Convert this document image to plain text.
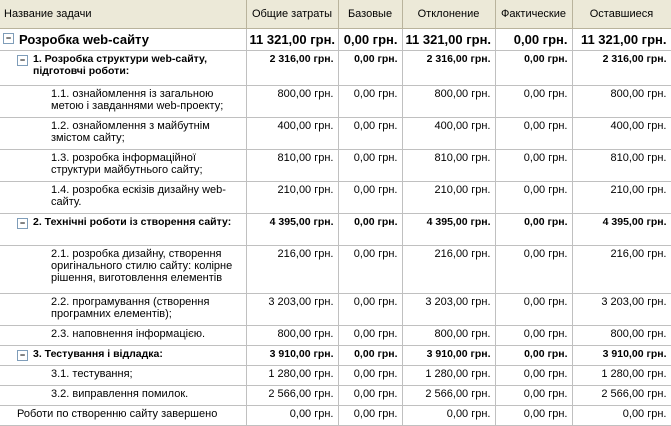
Название задачи	Общие затраты	Базовые	Отклонение	Фактические	Оставшиеся

− Розробка web-сайту	11 321,00 грн.	0,00 грн.	11 321,00 грн.	0,00 грн.	11 321,00 грн.

− 1. Розробка структури web-сайту, підготовчі роботи:	2 316,00 грн.	0,00 грн.	2 316,00 грн.	0,00 грн.	2 316,00 грн.

1.1. ознайомлення із загальною метою і завданнями web-проекту;	800,00 грн.	0,00 грн.	800,00 грн.	0,00 грн.	800,00 грн.

1.2. ознайомлення з майбутнім змістом сайту;	400,00 грн.	0,00 грн.	400,00 грн.	0,00 грн.	400,00 грн.

1.3. розробка інформаційної структури майбутнього сайту;	810,00 грн.	0,00 грн.	810,00 грн.	0,00 грн.	810,00 грн.

1.4. розробка ескізів дизайну web-сайту.	210,00 грн.	0,00 грн.	210,00 грн.	0,00 грн.	210,00 грн.

− 2. Технічні роботи із створення сайту:	4 395,00 грн.	0,00 грн.	4 395,00 грн.	0,00 грн.	4 395,00 грн.

2.1. розробка дизайну, створення оригінального стилю сайту: колірне рішення, виготовлення елементів	216,00 грн.	0,00 грн.	216,00 грн.	0,00 грн.	216,00 грн.

2.2. програмування (створення програмних елементів);	3 203,00 грн.	0,00 грн.	3 203,00 грн.	0,00 грн.	3 203,00 грн.

2.3. наповнення інформацією.	800,00 грн.	0,00 грн.	800,00 грн.	0,00 грн.	800,00 грн.

− 3. Тестування і відладка:	3 910,00 грн.	0,00 грн.	3 910,00 грн.	0,00 грн.	3 910,00 грн.

3.1. тестування;	1 280,00 грн.	0,00 грн.	1 280,00 грн.	0,00 грн.	1 280,00 грн.

3.2. виправлення помилок.	2 566,00 грн.	0,00 грн.	2 566,00 грн.	0,00 грн.	2 566,00 грн.

Роботи по створенню сайту завершено	0,00 грн.	0,00 грн.	0,00 грн.	0,00 грн.	0,00 грн.
